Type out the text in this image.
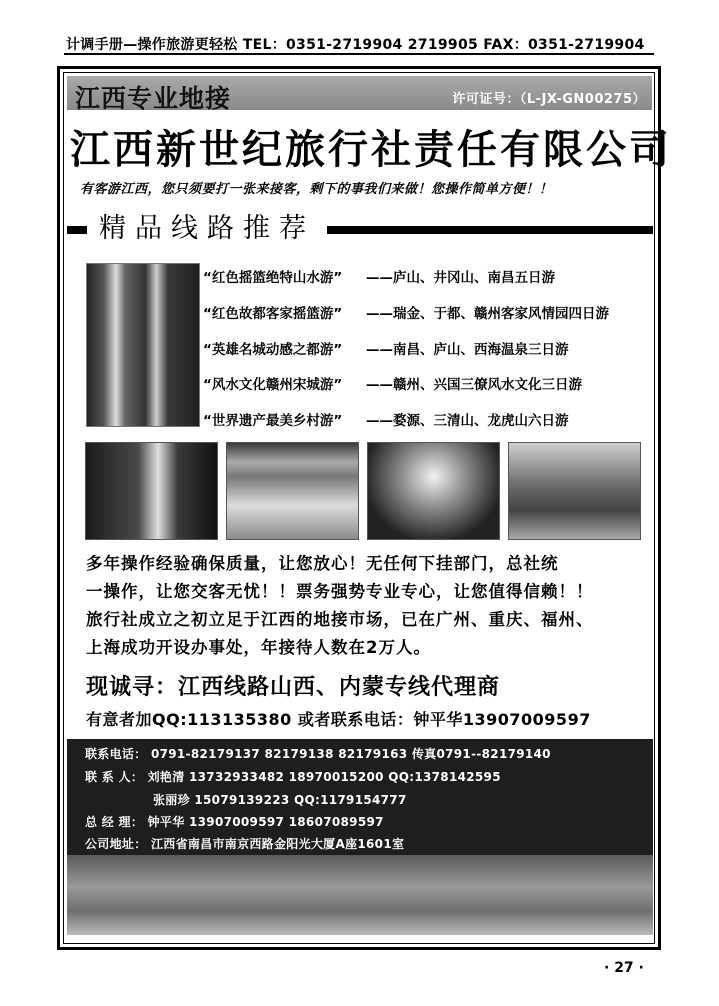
计调手册—操作旅游更轻松 TEL：0351-2719904 2719905 FAX：0351-2719904
江西专业地接	许可证号：（L-JX-GN00275）
江西新世纪旅行社责任有限公司
有客游江西，您只须要打一张来接客，剩下的事我们来做！您操作简单方便！！
精品线路推荐
“红色摇篮绝特山水游” ——庐山、井冈山、南昌五日游
“红色故都客家摇篮游” ——瑞金、于都、赣州客家风情园四日游
“英雄名城动感之都游” ——南昌、庐山、西海温泉三日游
“风水文化赣州宋城游” ——赣州、兴国三僚风水文化三日游
“世界遗产最美乡村游” ——婺源、三清山、龙虎山六日游
多年操作经验确保质量，让您放心！无任何下挂部门，总社统
一操作，让您交客无忧！！票务强势专业专心，让您值得信赖！！
旅行社成立之初立足于江西的地接市场，已在广州、重庆、福州、
上海成功开设办事处，年接待人数在2万人。
现诚寻：江西线路山西、内蒙专线代理商
有意者加QQ:113135380 或者联系电话：钟平华13907009597
联系电话： 0791-82179137 82179138 82179163 传真0791--82179140
联 系 人： 刘艳清 13732933482 18970015200 QQ:1378142595
张丽珍 15079139223 QQ:1179154777
总 经 理： 钟平华 13907009597 18607089597
公司地址： 江西省南昌市南京西路金阳光大厦A座1601室
· 27 ·
